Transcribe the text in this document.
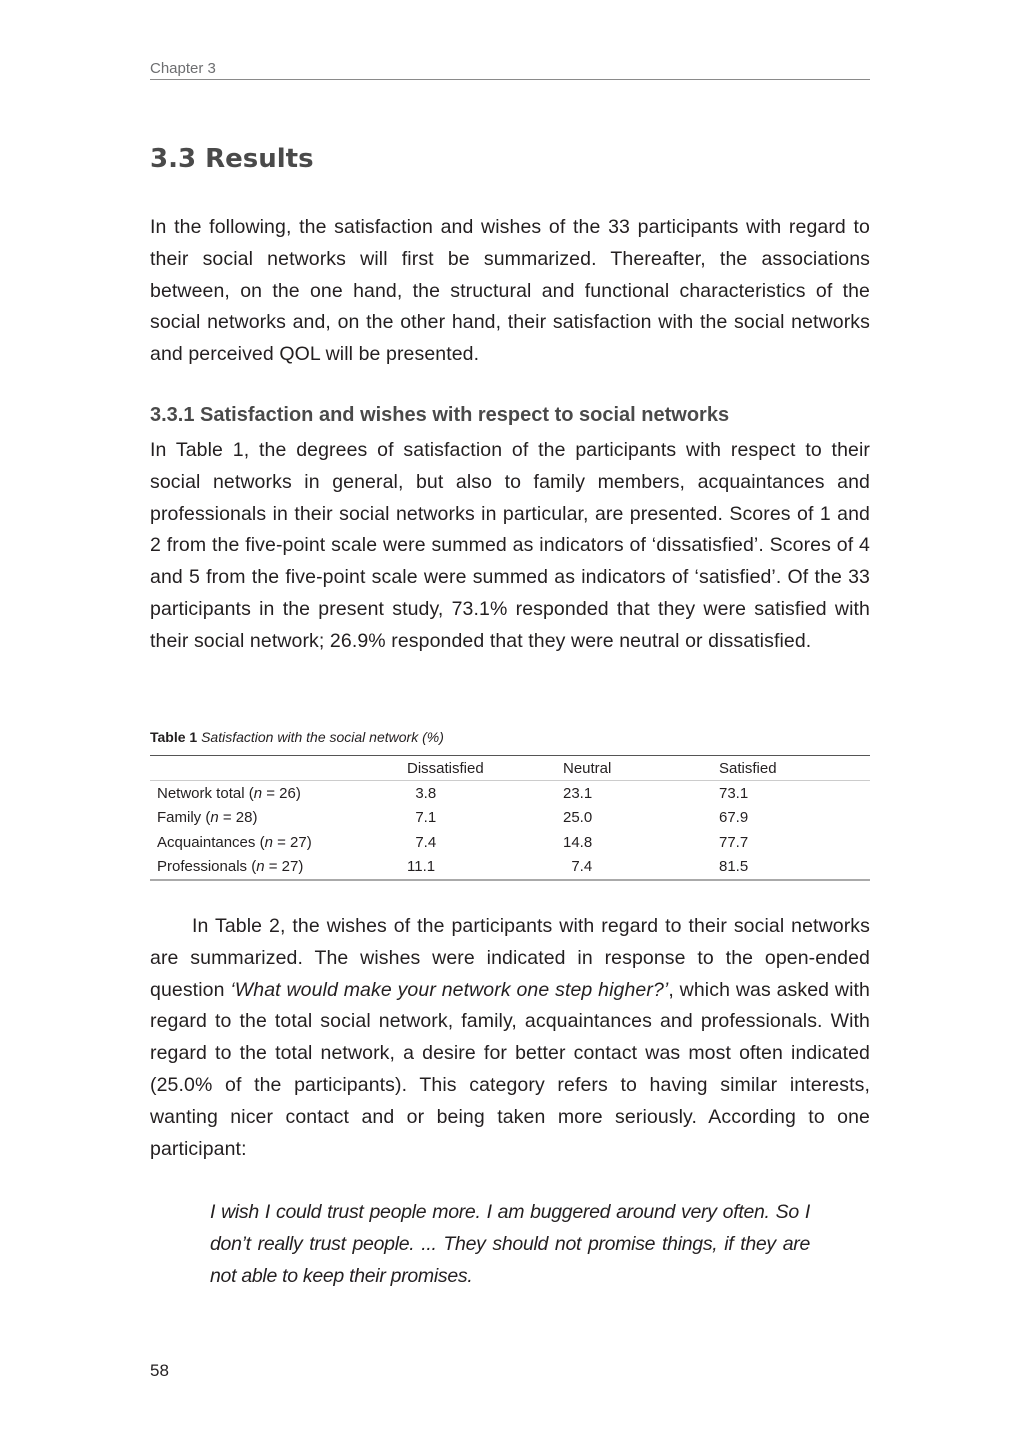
Chapter 3
3.3 Results
In the following, the satisfaction and wishes of the 33 participants with regard to their social networks will first be summarized. Thereafter, the associations between, on the one hand, the structural and functional characteristics of the social networks and, on the other hand, their satisfaction with the social networks and perceived QOL will be presented.
3.3.1 Satisfaction and wishes with respect to social networks
In Table 1, the degrees of satisfaction of the participants with respect to their social networks in general, but also to family members, acquaintances and professionals in their social networks in particular, are presented. Scores of 1 and 2 from the five-point scale were summed as indicators of ‘dissatisfied’. Scores of 4 and 5 from the five-point scale were summed as indicators of ‘satisfied’. Of the 33 participants in the present study, 73.1% responded that they were satisfied with their social network; 26.9% responded that they were neutral or dissatisfied.
Table 1 Satisfaction with the social network (%)
	Dissatisfied	Neutral	Satisfied
Network total (n = 26)	 3.8	23.1	73.1
Family (n = 28)	 7.1	25.0	67.9
Acquaintances (n = 27)	 7.4	14.8	77.7
Professionals (n = 27)	11.1	 7.4	81.5
In Table 2, the wishes of the participants with regard to their social networks are summarized. The wishes were indicated in response to the open-ended question ‘What would make your network one step higher?’, which was asked with regard to the total social network, family, acquaintances and professionals. With regard to the total network, a desire for better contact was most often indicated (25.0% of the participants). This category refers to having similar interests, wanting nicer contact and or being taken more seriously. According to one participant:
I wish I could trust people more. I am buggered around very often. So I don’t really trust people. ... They should not promise things, if they are not able to keep their promises.
58
